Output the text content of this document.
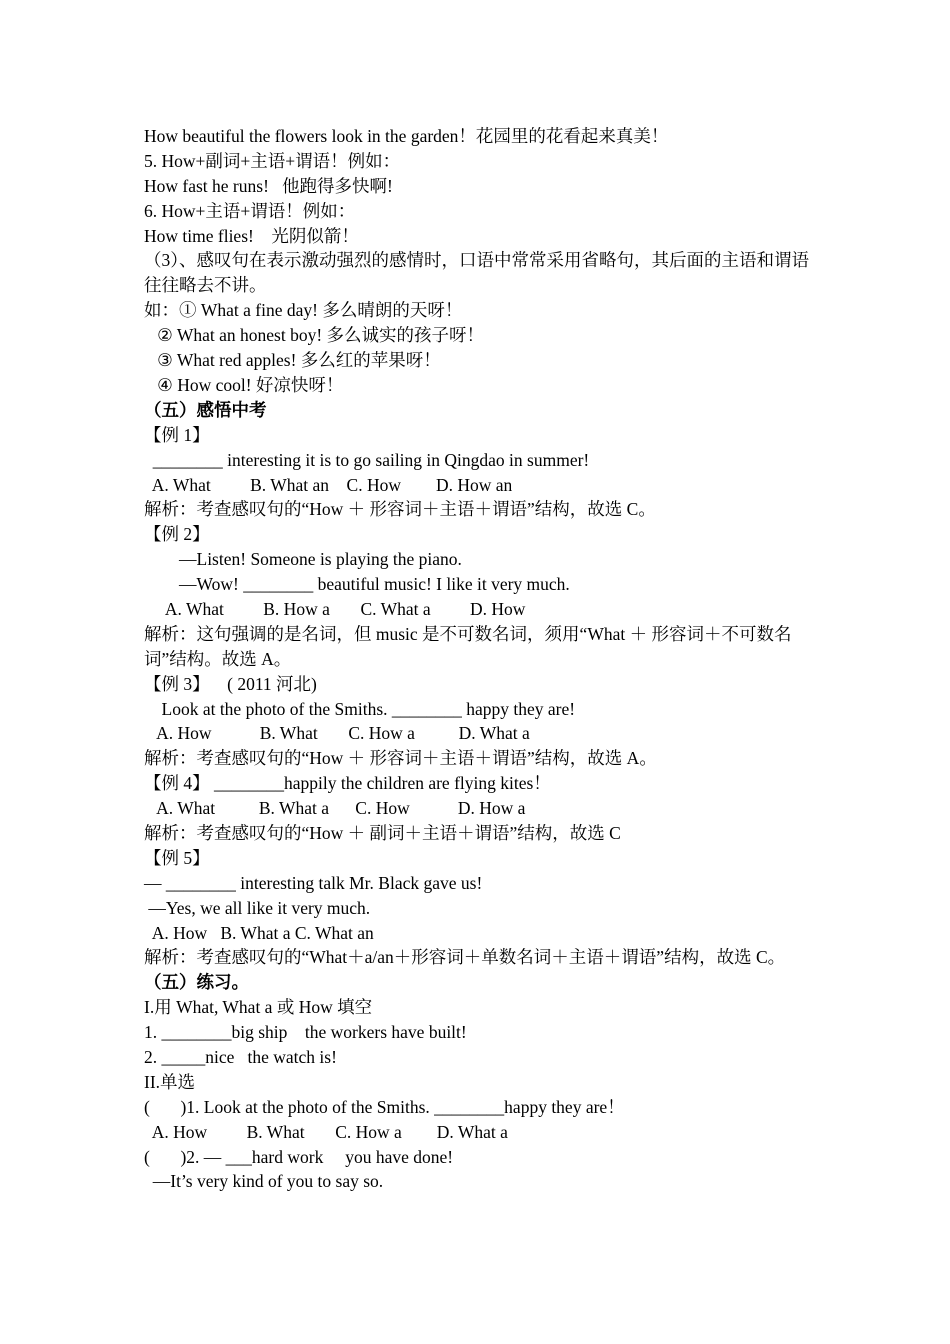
How beautiful the flowers look in the garden！花园里的花看起来真美！
5. How+副词+主语+谓语！例如：
How fast he runs!   他跑得多快啊!
6. How+主语+谓语！例如：
How time flies!    光阴似箭！
（3）、感叹句在表示激动强烈的感情时，口语中常常采用省略句，其后面的主语和谓语往往略去不讲。
如：① What a fine day! 多么晴朗的天呀！
② What an honest boy! 多么诚实的孩子呀！
③ What red apples! 多么红的苹果呀！
④ How cool! 好凉快呀！
（五）感悟中考
【例 1】
________ interesting it is to go sailing in Qingdao in summer!
A. What         B. What an    C. How        D. How an
解析：考查感叹句的“How ＋ 形容词＋主语＋谓语”结构，故选 C。
【例 2】
—Listen! Someone is playing the piano.
—Wow! ________ beautiful music! I like it very much.
A. What         B. How a       C. What a         D. How
解析：这句强调的是名词，但 music 是不可数名词，须用“What ＋ 形容词＋不可数名词”结构。故选 A。
【例 3】    ( 2011 河北)
Look at the photo of the Smiths. ________ happy they are!
A. How           B. What       C. How a          D. What a
解析：考查感叹句的“How ＋ 形容词＋主语＋谓语”结构，故选 A。
【例 4】 ________happily the children are flying kites！
A. What          B. What a      C. How           D. How a
解析：考查感叹句的“How ＋ 副词＋主语＋谓语”结构，故选 C
【例 5】
— ________ interesting talk Mr. Black gave us!
—Yes, we all like it very much.
A. How   B. What a C. What an
解析：考查感叹句的“What＋a/an＋形容词＋单数名词＋主语＋谓语”结构，故选 C。
（五）练习。
I.用 What, What a 或 How 填空
1. ________big ship    the workers have built!
2. _____nice   the watch is!
II.单选
(       )1. Look at the photo of the Smiths. ________happy they are！
A. How         B. What       C. How a        D. What a
(       )2. — ___hard work     you have done!
—It’s very kind of you to say so.
